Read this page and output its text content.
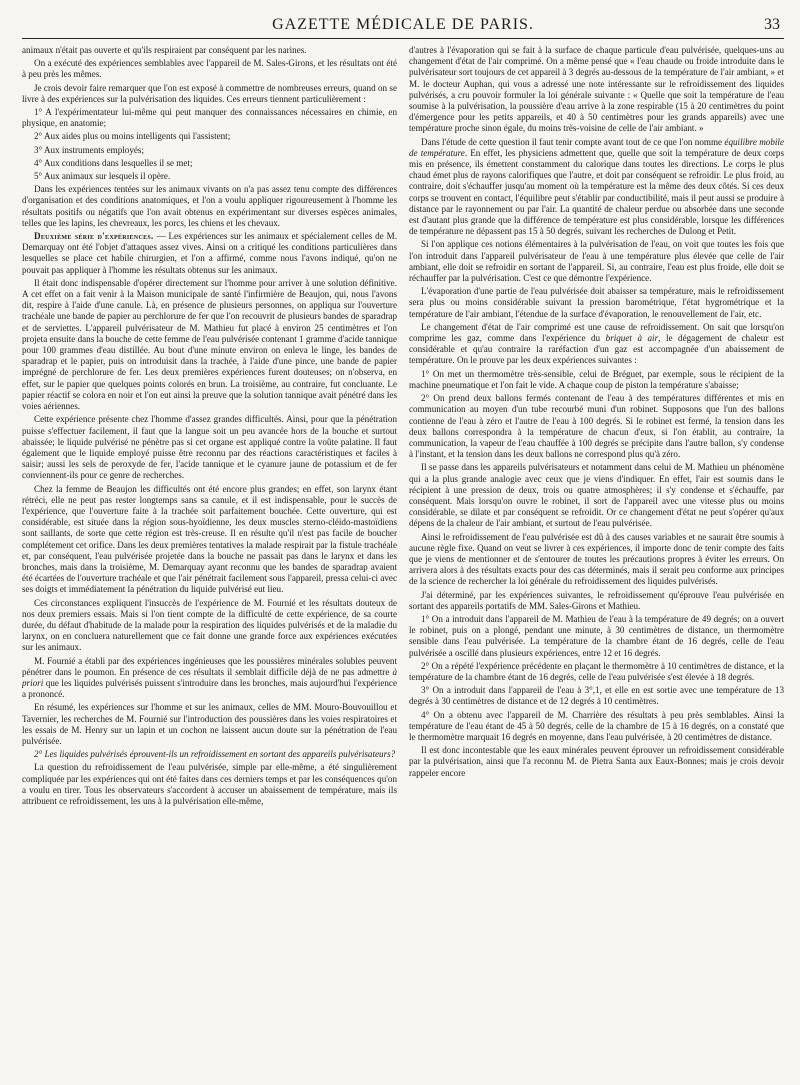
GAZETTE MÉDICALE DE PARIS.	33

animaux n'était pas ouverte et qu'ils respiraient par conséquent par les narines.

On a exécuté des expériences semblables avec l'appareil de M. Sales-Girons, et les résultats ont été à peu près les mêmes.

Je crois devoir faire remarquer que l'on est exposé à commettre de nombreuses erreurs, quand on se livre à des expériences sur la pulvérisation des liquides. Ces erreurs tiennent particulièrement :

1° A l'expérimentateur lui-même qui peut manquer des connaissances nécessaires en chimie, en physique, en anatomie;

2° Aux aides plus ou moins intelligents qui l'assistent;

3° Aux instruments employés;

4° Aux conditions dans lesquelles il se met;

5° Aux animaux sur lesquels il opère.

Dans les expériences tentées sur les animaux vivants on n'a pas assez tenu compte des différences d'organisation et des conditions anatomiques, et l'on a voulu appliquer rigoureusement à l'homme les résultats positifs ou négatifs que l'on avait obtenus en expérimentant sur diverses espèces animales, telles que les lapins, les chevreaux, les porcs, les chiens et les chevaux.

Deuxième série d'expériences. — Les expériences sur les animaux et spécialement celles de M. Demarquay ont été l'objet d'attaques assez vives. Ainsi on a critiqué les conditions particulières dans lesquelles se place cet habile chirurgien, et l'on a affirmé, comme nous l'avons indiqué, qu'on ne pouvait pas appliquer à l'homme les résultats obtenus sur les animaux.

Il était donc indispensable d'opérer directement sur l'homme pour arriver à une solution définitive. A cet effet on a fait venir à la Maison municipale de santé l'infirmière de Beaujon, qui, nous l'avons dit, respire à l'aide d'une canule. Là, en présence de plusieurs personnes, on appliqua sur l'ouverture trachéale une bande de papier au perchlorure de fer que l'on recouvrit de plusieurs bandes de sparadrap et de serviettes. L'appareil pulvérisateur de M. Mathieu fut placé à environ 25 centimètres et l'on projeta ensuite dans la bouche de cette femme de l'eau pulvérisée contenant 1 gramme d'acide tannique pour 100 grammes d'eau distillée. Au bout d'une minute environ on enleva le linge, les bandes de sparadrap et le papier, puis on introduisit dans la trachée, à l'aide d'une pince, une bande de papier imprégné de perchlorure de fer. Les deux premières expériences furent douteuses; on n'observa, en effet, sur le papier que quelques points colorés en brun. La troisième, au contraire, fut concluante. Le papier réactif se colora en noir et l'on eut ainsi la preuve que la solution tannique avait pénétré dans les voies aériennes.

Cette expérience présente chez l'homme d'assez grandes difficultés. Ainsi, pour que la pénétration puisse s'effectuer facilement, il faut que la langue soit un peu avancée hors de la bouche et surtout abaissée; le liquide pulvérisé ne pénètre pas si cet organe est appliqué contre la voûte palatine. Il faut également que le liquide employé puisse être reconnu par des réactions caractéristiques et faciles à saisir; aussi les sels de peroxyde de fer, l'acide tannique et le cyanure jaune de potassium et de fer conviennent-ils pour ce genre de recherches.

Chez la femme de Beaujon les difficultés ont été encore plus grandes; en effet, son larynx étant rétréci, elle ne peut pas rester longtemps sans sa canule, et il est indispensable, pour le succès de l'expérience, que l'ouverture faite à la trachée soit parfaitement bouchée. Cette ouverture, qui est considérable, est située dans la région sous-hyoïdienne, les deux muscles sterno-cléido-mastoïdiens sont saillants, de sorte que cette région est très-creuse. Il en résulte qu'il n'est pas facile de boucher complétement cet orifice. Dans les deux premières tentatives la malade respirait par la fistule trachéale et, par conséquent, l'eau pulvérisée projetée dans la bouche ne passait pas dans le larynx et dans les bronches, mais dans la troisième, M. Demarquay ayant reconnu que les bandes de sparadrap avaient été écartées de l'ouverture trachéale et que l'air pénétrait facilement sous l'appareil, pressa celui-ci avec ses doigts et immédiatement la pénétration du liquide pulvérisé eut lieu.

Ces circonstances expliquent l'insuccès de l'expérience de M. Fournié et les résultats douteux de nos deux premiers essais. Mais si l'on tient compte de la difficulté de cette expérience, de sa courte durée, du défaut d'habitude de la malade pour la respiration des liquides pulvérisés et de la maladie du larynx, on en concluera naturellement que ce fait donne une grande force aux expériences exécutées sur les animaux.

M. Fournié a établi par des expériences ingénieuses que les poussières minérales solubles peuvent pénétrer dans le poumon. En présence de ces résultats il semblait difficile déjà de ne pas admettre à priori que les liquides pulvérisés puissent s'introduire dans les bronches, mais aujourd'hui l'expérience a prononcé.

En résumé, les expériences sur l'homme et sur les animaux, celles de MM. Mouro-Bouvouillou et Tavernier, les recherches de M. Fournié sur l'introduction des poussières dans les voies respiratoires et les essais de M. Henry sur un lapin et un cochon ne laissent aucun doute sur la pénétration de l'eau pulvérisée.

2° Les liquides pulvérisés éprouvent-ils un refroidissement en sortant des appareils pulvérisateurs?

La question du refroidissement de l'eau pulvérisée, simple par elle-même, a été singulièrement compliquée par les expériences qui ont été faites dans ces derniers temps et par les conséquences qu'on a voulu en tirer. Tous les observateurs s'accordent à accuser un abaissement de température, mais ils attribuent ce refroidissement, les uns à la pulvérisation elle-même,

d'autres à l'évaporation qui se fait à la surface de chaque particule d'eau pulvérisée, quelques-uns au changement d'état de l'air comprimé. On a même pensé que « l'eau chaude ou froide introduite dans le pulvérisateur sort toujours de cet appareil à 3 degrés au-dessous de la température de l'air ambiant, » et M. le docteur Auphan, qui vous a adressé une note intéressante sur le refroidissement des liquides pulvérisés, a cru pouvoir formuler la loi générale suivante : « Quelle que soit la température de l'eau soumise à la pulvérisation, la poussière d'eau arrive à la zone respirable (15 à 20 centimètres du point d'émergence pour les petits appareils, et 40 à 50 centimètres pour les grands appareils) avec une température proche sinon égale, du moins très-voisine de celle de l'air ambiant. »

Dans l'étude de cette question il faut tenir compte avant tout de ce que l'on nomme équilibre mobile de température. En effet, les physiciens admettent que, quelle que soit la température de deux corps mis en présence, ils émettent constamment du calorique dans toutes les directions. Le corps le plus chaud émet plus de rayons calorifiques que l'autre, et doit par conséquent se refroidir. Le plus froid, au contraire, doit s'échauffer jusqu'au moment où la température est la même des deux côtés. Si ces deux corps se trouvent en contact, l'équilibre peut s'établir par conductibilité, mais il peut aussi se produire à distance par le rayonnement ou par l'air. La quantité de chaleur perdue ou absorbée dans une seconde est d'autant plus grande que la différence de température est plus considérable, lorsque les différences de température ne dépassent pas 15 à 50 degrés, suivant les recherches de Dulong et Petit.

Si l'on applique ces notions élémentaires à la pulvérisation de l'eau, on voit que toutes les fois que l'on introduit dans l'appareil pulvérisateur de l'eau à une température plus élevée que celle de l'air ambiant, elle doit se refroidir en sortant de l'appareil. Si, au contraire, l'eau est plus froide, elle doit se réchauffer par la pulvérisation. C'est ce que démontre l'expérience.

L'évaporation d'une partie de l'eau pulvérisée doit abaisser sa température, mais le refroidissement sera plus ou moins considérable suivant la pression barométrique, l'état hygrométrique et la température de l'air ambiant, l'étendue de la surface d'évaporation, le renouvellement de l'air, etc.

Le changement d'état de l'air comprimé est une cause de refroidissement. On sait que lorsqu'on comprime les gaz, comme dans l'expérience du briquet à air, le dégagement de chaleur est considérable et qu'au contraire la raréfaction d'un gaz est accompagnée d'un abaissement de température. On le prouve par les deux expériences suivantes :

1° On met un thermomètre très-sensible, celui de Bréguet, par exemple, sous le récipient de la machine pneumatique et l'on fait le vide. A chaque coup de piston la température s'abaisse;

2° On prend deux ballons fermés contenant de l'eau à des températures différentes et mis en communication au moyen d'un tube recourbé muni d'un robinet. Supposons que l'un des ballons contienne de l'eau à zéro et l'autre de l'eau à 100 degrés. Si le robinet est fermé, la tension dans les deux ballons correspondra à la température de chacun d'eux, si l'on établit, au contraire, la communication, la vapeur de l'eau chauffée à 100 degrés se précipite dans l'autre ballon, s'y condense à l'instant, et la tension dans les deux ballons ne correspond plus qu'à zéro.

Il se passe dans les appareils pulvérisateurs et notamment dans celui de M. Mathieu un phénomène qui a la plus grande analogie avec ceux que je viens d'indiquer. En effet, l'air est soumis dans le récipient à une pression de deux, trois ou quatre atmosphères; il s'y condense et s'échauffe, par conséquent. Mais lorsqu'on ouvre le robinet, il sort de l'appareil avec une vitesse plus ou moins considérable, se dilate et par conséquent se refroidit. Or ce changement d'état ne peut s'opérer qu'aux dépens de la chaleur de l'air ambiant, et surtout de l'eau pulvérisée.

Ainsi le refroidissement de l'eau pulvérisée est dû à des causes variables et ne saurait être soumis à aucune règle fixe. Quand on veut se livrer à ces expériences, il importe donc de tenir compte des faits que je viens de mentionner et de s'entourer de toutes les précautions propres à éviter les erreurs. On arrivera alors à des résultats exacts pour des cas déterminés, mais il serait peu conforme aux principes de la science de rechercher la loi générale du refroidissement des liquides pulvérisés.

J'ai déterminé, par les expériences suivantes, le refroidissement qu'éprouve l'eau pulvérisée en sortant des appareils portatifs de MM. Sales-Girons et Mathieu.

1° On a introduit dans l'appareil de M. Mathieu de l'eau à la température de 49 degrés; on a ouvert le robinet, puis on a plongé, pendant une minute, à 30 centimètres de distance, un thermomètre sensible dans l'eau pulvérisée. La température de la chambre étant de 16 degrés, celle de l'eau pulvérisée a oscillé dans plusieurs expériences, entre 12 et 16 degrés.

2° On a répété l'expérience précédente en plaçant le thermomètre à 10 centimètres de distance, et la température de la chambre étant de 16 degrés, celle de l'eau pulvérisée s'est élevée à 18 degrés.

3° On a introduit dans l'appareil de l'eau à 3°,1, et elle en est sortie avec une température de 13 degrés à 30 centimètres de distance et de 12 degrés à 10 centimètres.

4° On a obtenu avec l'appareil de M. Charrière des résultats à peu près semblables. Ainsi la température de l'eau étant de 45 à 50 degrés, celle de la chambre de 15 à 16 degrés, on a constaté que le thermomètre marquait 16 degrés en moyenne, dans l'eau pulvérisée, à 20 centimètres de distance.

Il est donc incontestable que les eaux minérales peuvent éprouver un refroidissement considérable par la pulvérisation, ainsi que l'a reconnu M. de Pietra Santa aux Eaux-Bonnes; mais je crois devoir rappeler encore
